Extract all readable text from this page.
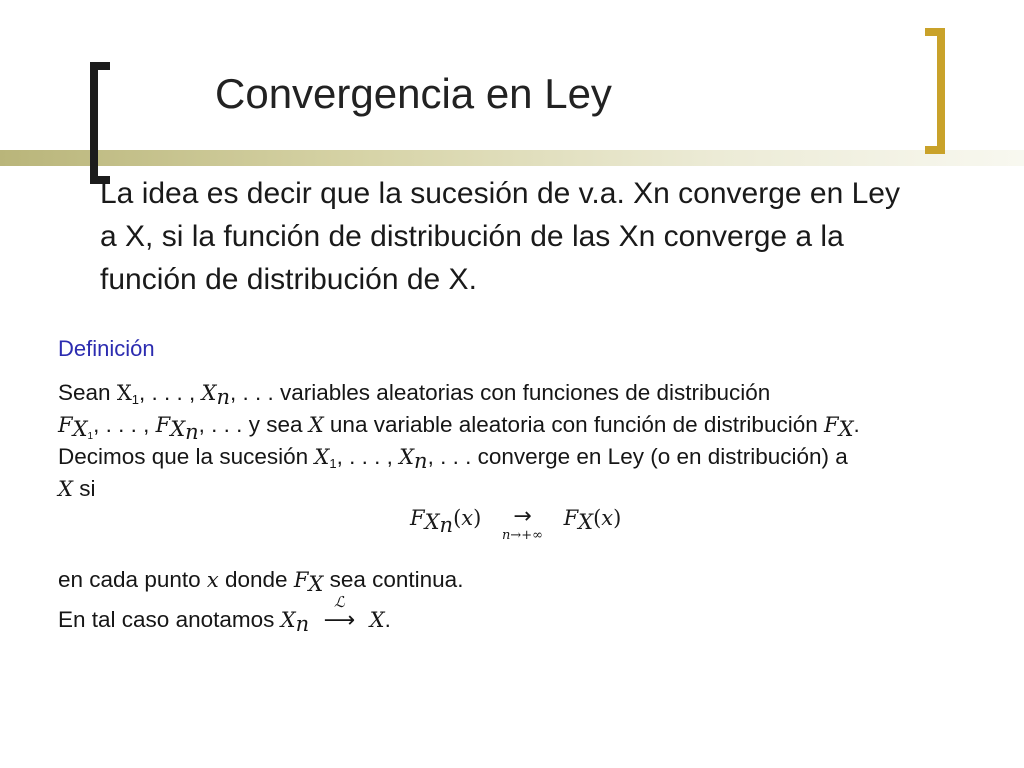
Convergencia en Ley
La idea es decir que la sucesión de v.a. Xn converge en Ley a X, si la función de distribución de las Xn converge a la función de distribución de X.
Definición
Sean $X_1$, . . . , $X_n$, . . . variables aleatorias con funciones de distribución
$F_{X_1}$, . . . , $F_{X_n}$, . . . y sea X una variable aleatoria con función de distribución $F_X$.
Decimos que la sucesión $X_1$, . . . , $X_n$, . . . converge en Ley (o en distribución) a
X si
$F_{X_n}(x)$	→
n→+∞
$F_X(x)$
en cada punto x donde $F_X$ sea continua.
En tal caso anotamos $X_n$
ℒ
⟶ X.
